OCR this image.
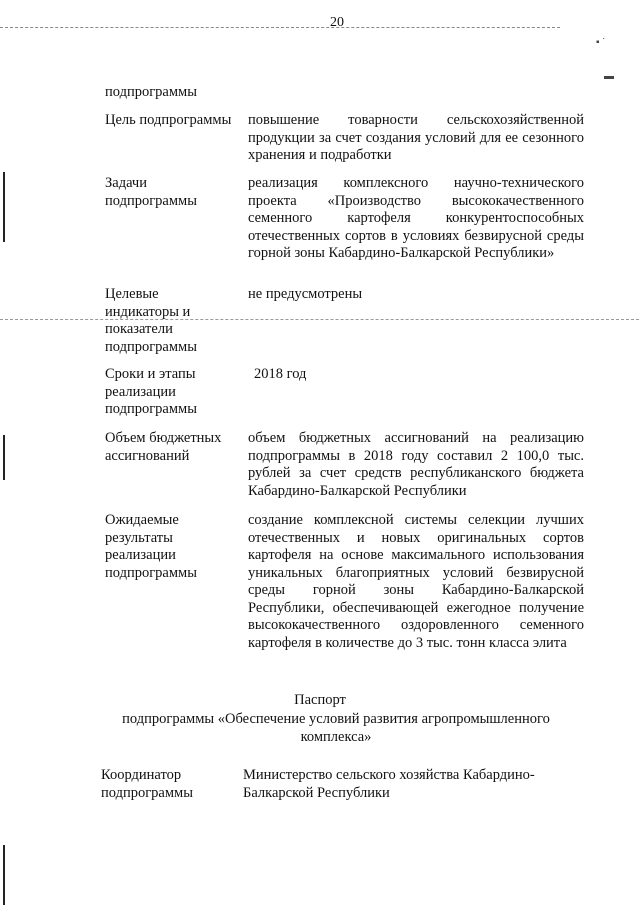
▪ ˙
▬
20
подпрограммы
Цель подпрограммы	повышение товарности сельскохозяйственной продукции за счет создания условий для ее сезонного хранения и подработки
Задачи подпрограммы
реализация комплексного научно-технического проекта «Производство высококачественного семенного картофеля конкурентоспособных отечественных сортов в условиях безвирусной среды горной зоны Кабардино-Балкарской Республики»
Целевые индикаторы и показатели подпрограммы
не предусмотрены
Сроки и этапы реализации подпрограммы
2018 год
Объем бюджетных ассигнований
объем бюджетных ассигнований на реализацию подпрограммы в 2018 году составил 2 100,0 тыс. рублей за счет средств республиканского бюджета Кабардино-Балкарской Республики
Ожидаемые результаты реализации подпрограммы
создание комплексной системы селекции лучших отечественных и новых оригинальных сортов картофеля на основе максимального использования уникальных благоприятных условий безвирусной среды горной зоны Кабардино-Балкарской Республики, обеспечивающей ежегодное получение высококачественного оздоровленного семенного картофеля в количестве до 3 тыс. тонн класса элита
Паспорт
подпрограммы «Обеспечение условий развития агропромышленного комплекса»
Координатор подпрограммы
Министерство сельского хозяйства Кабардино-Балкарской Республики
